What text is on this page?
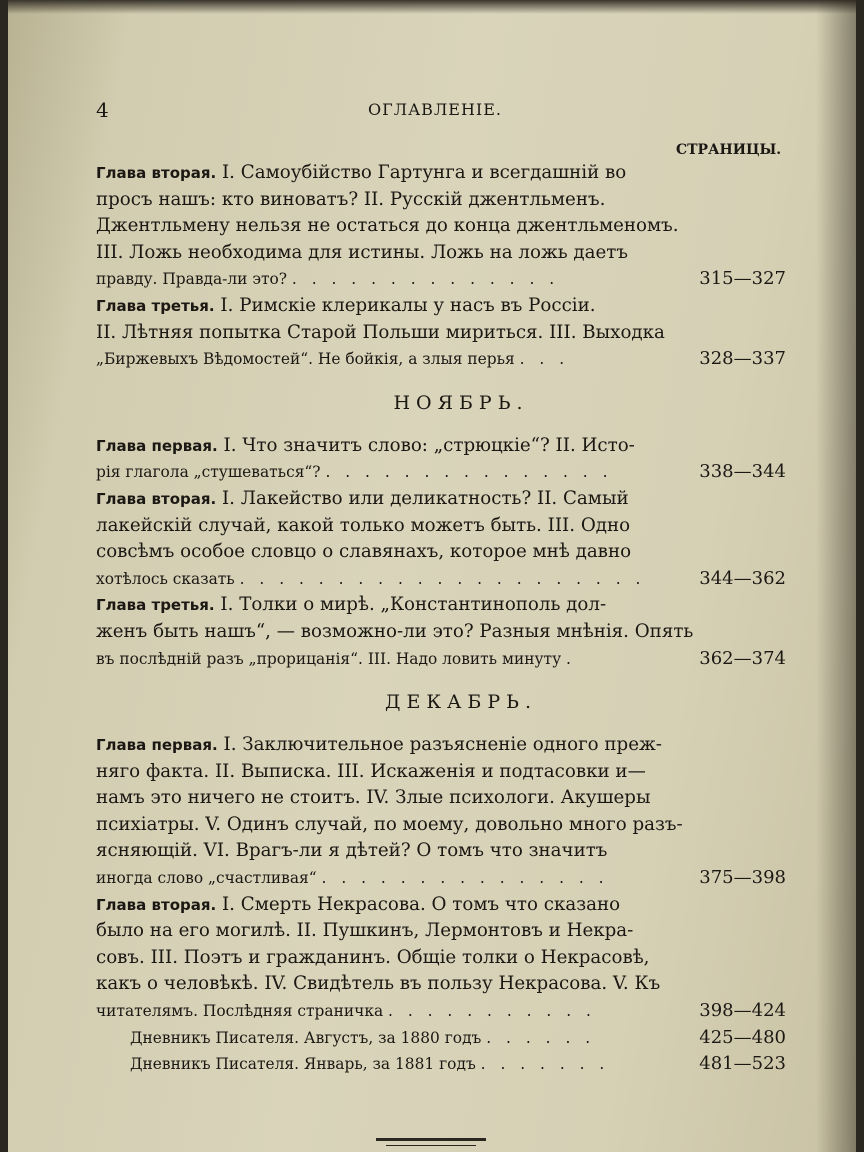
4	ОГЛАВЛЕНІЕ.
СТРАНИЦЫ.
Глава вторая. I. Самоубійство Гартунга и всегдашній во
просъ нашъ: кто виноватъ? II. Русскій джентльменъ.
Джентльмену нельзя не остаться до конца джентльменомъ.
III. Ложь необходима для истины. Ложь на ложь даетъ
правду. Правда-ли это? . . . . . . . . . . . . . .	315—327
Глава третья. I. Римскіе клерикалы у насъ въ Россіи.
II. Лѣтняя попытка Старой Польши мириться. III. Выходка
„Биржевыхъ Вѣдомостей“. Не бойкія, а злыя перья . . .	328—337
НОЯБРЬ.
Глава первая. I. Что значитъ слово: „стрюцкіе“? II. Исто-
рія глагола „стушеваться“? . . . . . . . . . . . . . . .	338—344
Глава вторая. I. Лакейство или деликатность? II. Самый
лакейскій случай, какой только можетъ быть. III. Одно
совсѣмъ особое словцо о славянахъ, которое мнѣ давно
хотѣлось сказать . . . . . . . . . . . . . . . . . . . . .	344—362
Глава третья. I. Толки о мирѣ. „Константинополь дол-
женъ быть нашъ“, — возможно-ли это? Разныя мнѣнія. Опять
въ послѣдній разъ „прорицанія“. III. Надо ловить минуту .	362—374
ДЕКАБРЬ.
Глава первая. I. Заключительное разъясненіе одного преж-
няго факта. II. Выписка. III. Искаженія и подтасовки и—
намъ это ничего не стоитъ. IV. Злые психологи. Акушеры
психіатры. V. Одинъ случай, по моему, довольно много разъ-
ясняющій. VI. Врагъ-ли я дѣтей? О томъ что значитъ
иногда слово „счастливая“ . . . . . . . . . . . . . . .	375—398
Глава вторая. I. Смерть Некрасова. О томъ что сказано
было на его могилѣ. II. Пушкинъ, Лермонтовъ и Некра-
совъ. III. Поэтъ и гражданинъ. Общіе толки о Некрасовѣ,
какъ о человѣкѣ. IV. Свидѣтель въ пользу Некрасова. V. Къ
читателямъ. Послѣдняя страничка . . . . . . . . . . .	398—424
Дневникъ Писателя. Августъ, за 1880 годъ . . . . . .	425—480
Дневникъ Писателя. Январь, за 1881 годъ . . . . . . .	481—523
